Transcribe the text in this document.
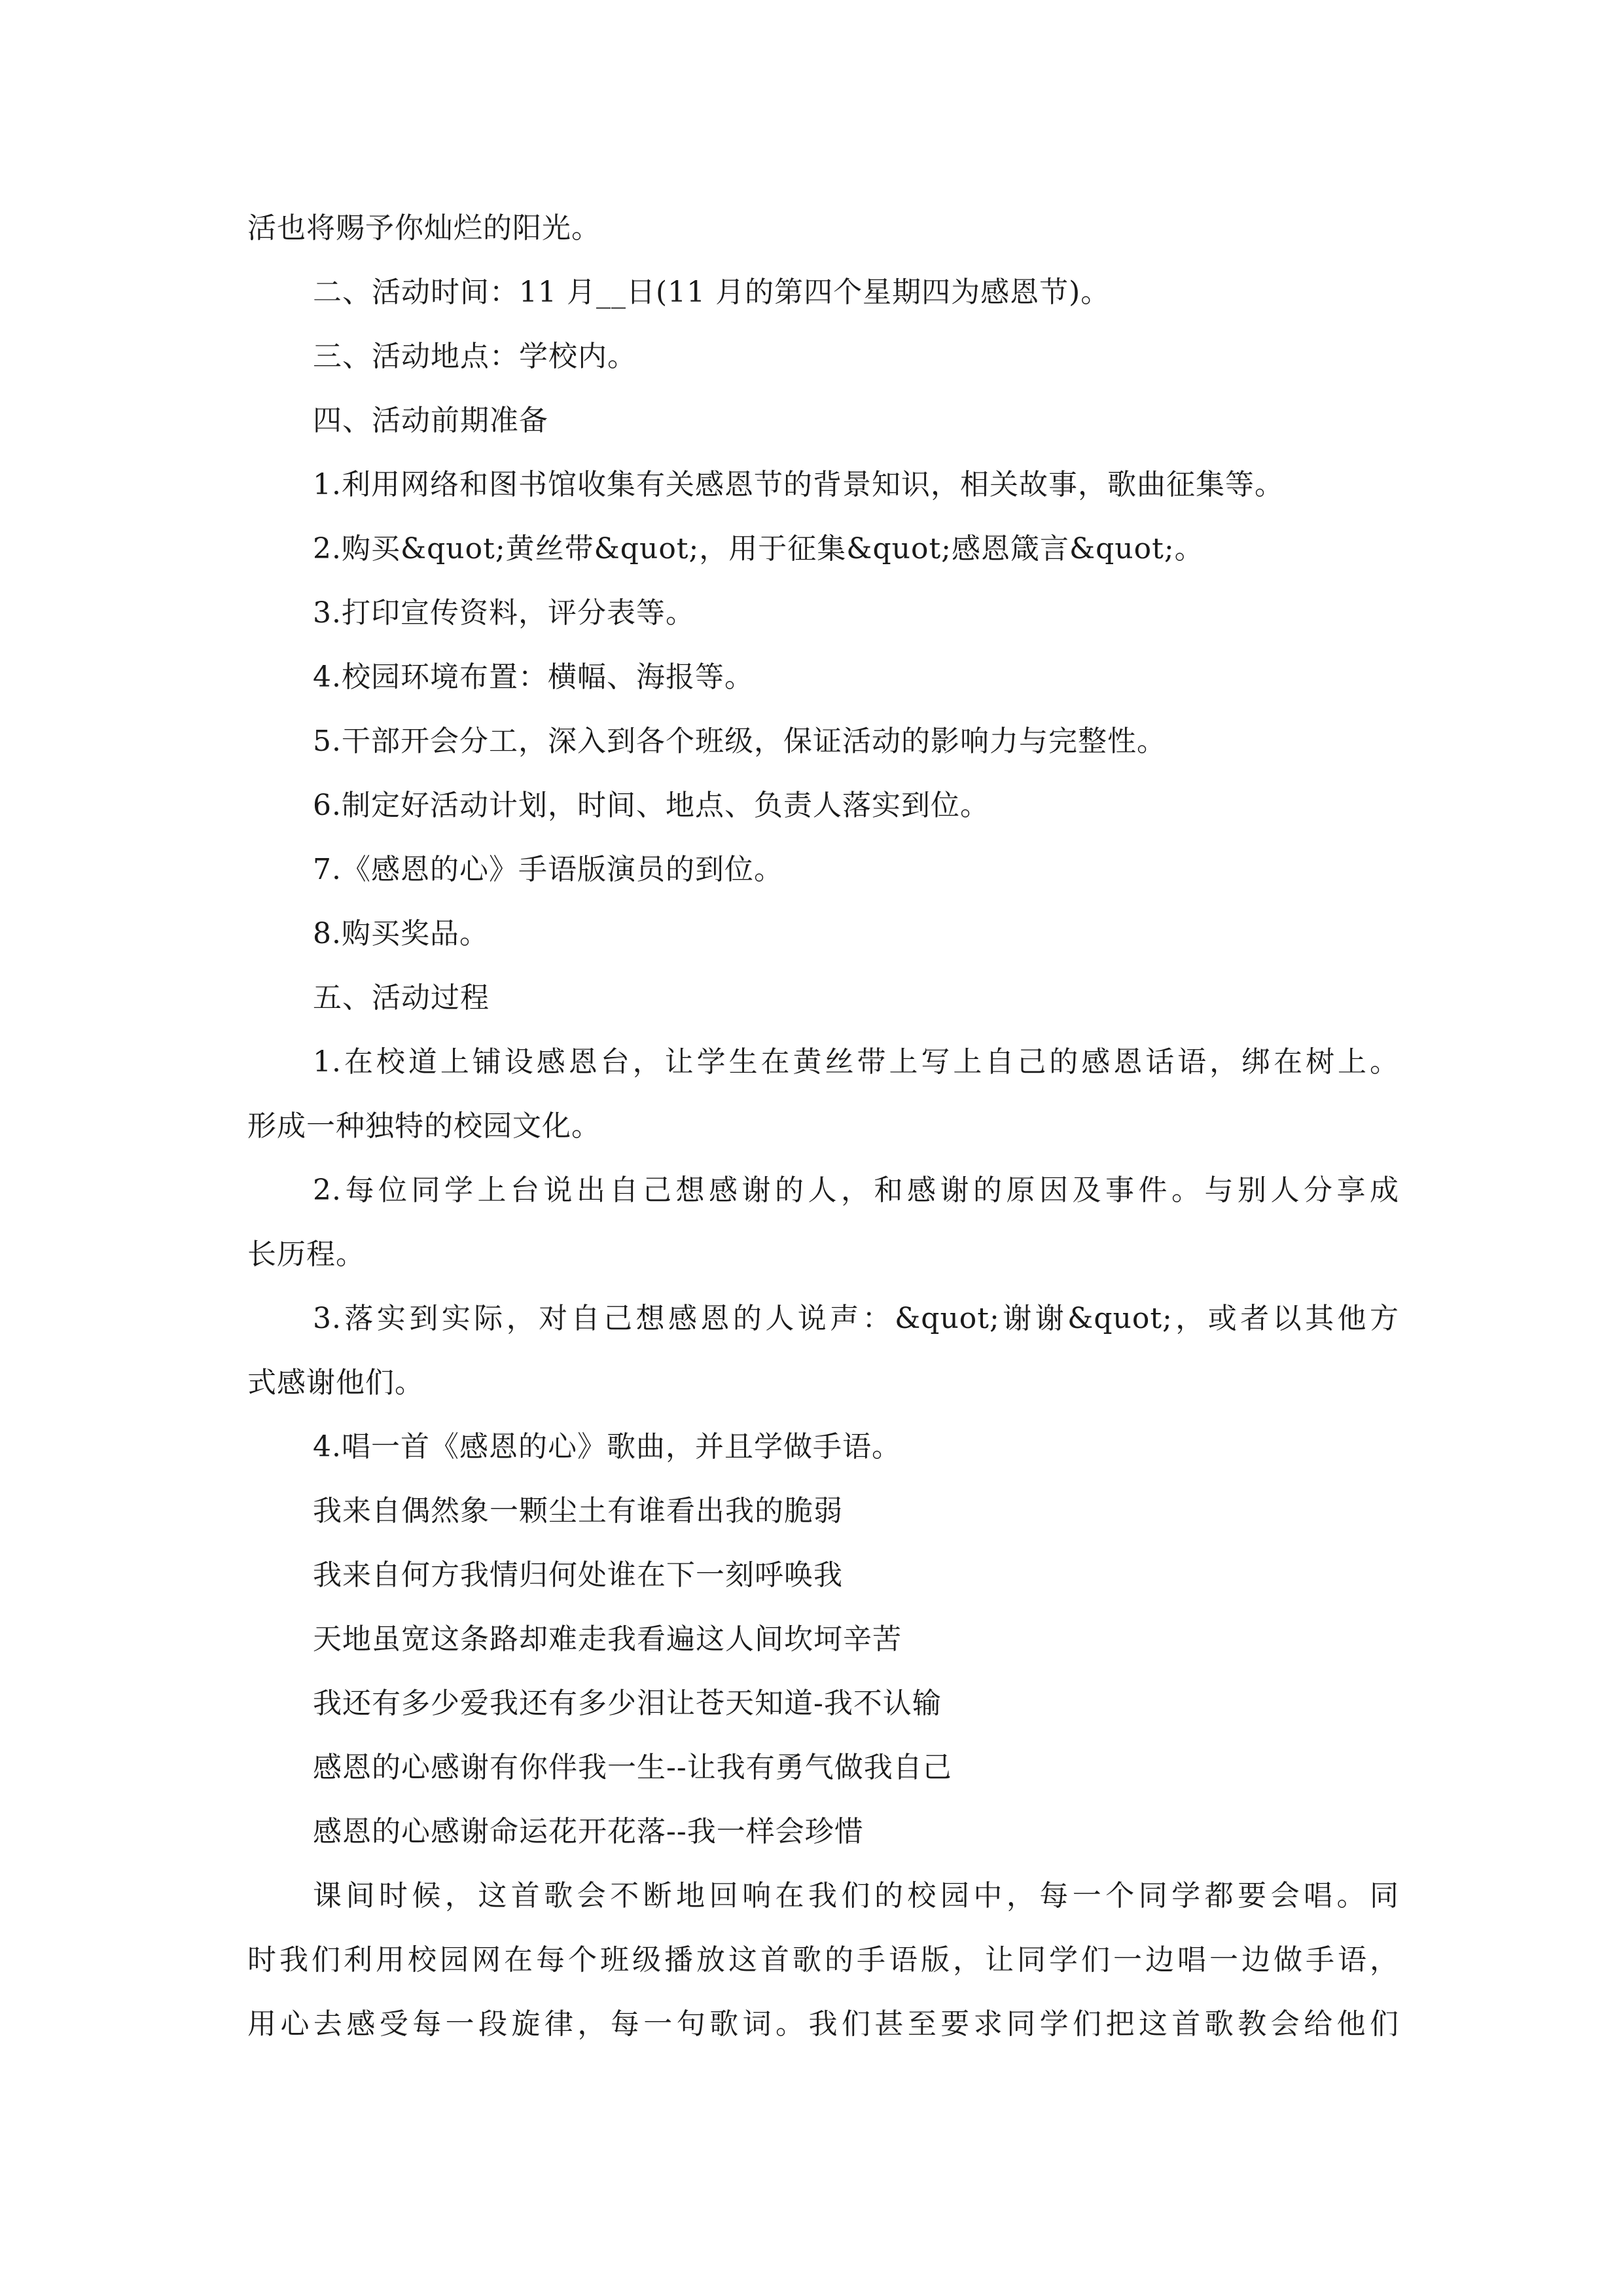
活也将赐予你灿烂的阳光。
二、活动时间：11 月__日(11 月的第四个星期四为感恩节)。
三、活动地点：学校内。
四、活动前期准备
1.利用网络和图书馆收集有关感恩节的背景知识，相关故事，歌曲征集等。
2.购买&quot;黄丝带&quot;，用于征集&quot;感恩箴言&quot;。
3.打印宣传资料，评分表等。
4.校园环境布置：横幅、海报等。
5.干部开会分工，深入到各个班级，保证活动的影响力与完整性。
6.制定好活动计划，时间、地点、负责人落实到位。
7.《感恩的心》手语版演员的到位。
8.购买奖品。
五、活动过程
1.在校道上铺设感恩台，让学生在黄丝带上写上自己的感恩话语，绑在树上。
形成一种独特的校园文化。
2.每位同学上台说出自己想感谢的人，和感谢的原因及事件。与别人分享成
长历程。
3.落实到实际，对自己想感恩的人说声：&quot;谢谢&quot;，或者以其他方
式感谢他们。
4.唱一首《感恩的心》歌曲，并且学做手语。
我来自偶然象一颗尘土有谁看出我的脆弱
我来自何方我情归何处谁在下一刻呼唤我
天地虽宽这条路却难走我看遍这人间坎坷辛苦
我还有多少爱我还有多少泪让苍天知道-我不认输
感恩的心感谢有你伴我一生--让我有勇气做我自己
感恩的心感谢命运花开花落--我一样会珍惜
课间时候，这首歌会不断地回响在我们的校园中，每一个同学都要会唱。同
时我们利用校园网在每个班级播放这首歌的手语版，让同学们一边唱一边做手语，
用心去感受每一段旋律，每一句歌词。我们甚至要求同学们把这首歌教会给他们
